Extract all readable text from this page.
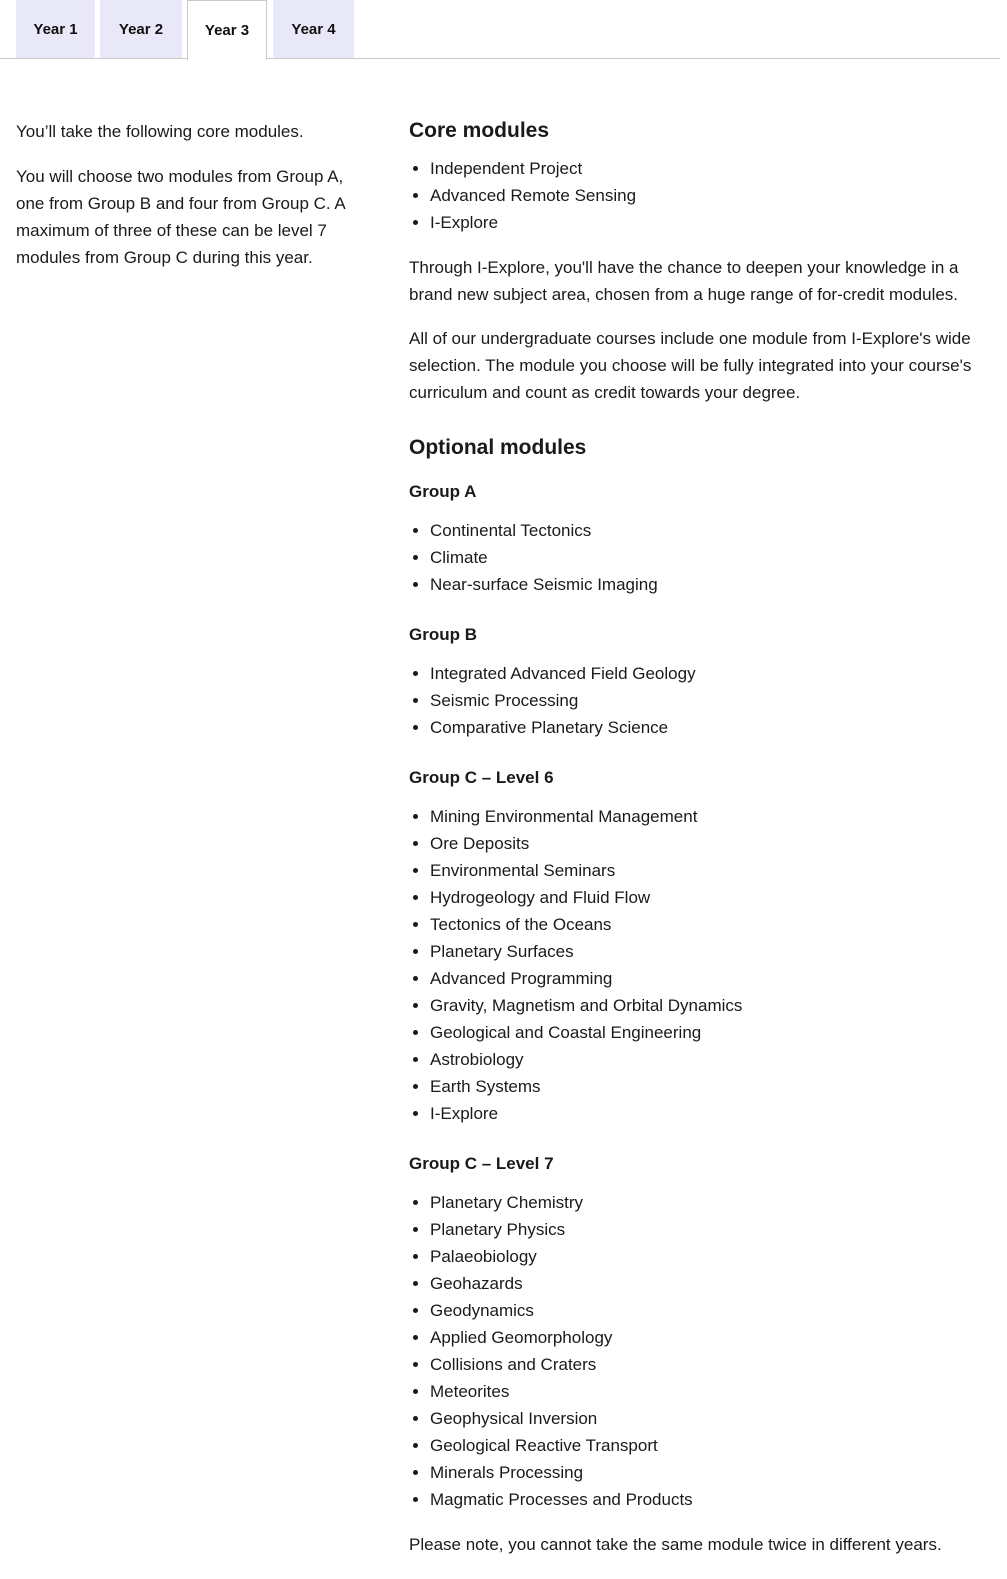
Year 1	Year 2	Year 3	Year 4

You’ll take the following core modules.

You will choose two modules from Group A, one from Group B and four from Group C. A maximum of three of these can be level 7 modules from Group C during this year.

Core modules
• Independent Project
• Advanced Remote Sensing
• I-Explore

Through I-Explore, you'll have the chance to deepen your knowledge in a brand new subject area, chosen from a huge range of for-credit modules.

All of our undergraduate courses include one module from I-Explore's wide selection. The module you choose will be fully integrated into your course's curriculum and count as credit towards your degree.

Optional modules
Group A
• Continental Tectonics
• Climate
• Near-surface Seismic Imaging
Group B
• Integrated Advanced Field Geology
• Seismic Processing
• Comparative Planetary Science
Group C – Level 6
• Mining Environmental Management
• Ore Deposits
• Environmental Seminars
• Hydrogeology and Fluid Flow
• Tectonics of the Oceans
• Planetary Surfaces
• Advanced Programming
• Gravity, Magnetism and Orbital Dynamics
• Geological and Coastal Engineering
• Astrobiology
• Earth Systems
• I-Explore
Group C – Level 7
• Planetary Chemistry
• Planetary Physics
• Palaeobiology
• Geohazards
• Geodynamics
• Applied Geomorphology
• Collisions and Craters
• Meteorites
• Geophysical Inversion
• Geological Reactive Transport
• Minerals Processing
• Magmatic Processes and Products

Please note, you cannot take the same module twice in different years.
